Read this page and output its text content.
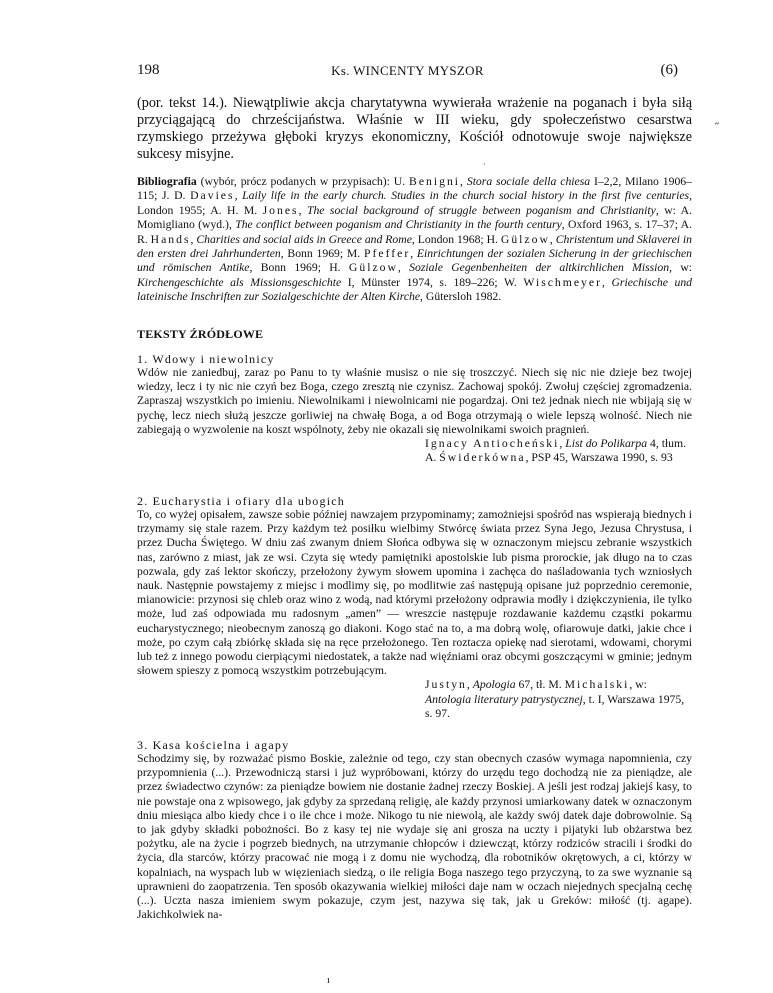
198	Ks. WINCENTY MYSZOR	(6)

(por. tekst 14.). Niewątpliwie akcja charytatywna wywierała wrażenie na poganach i była siłą przyciągającą do chrześcijaństwa. Właśnie w III wieku, gdy społeczeństwo cesarstwa rzymskiego przeżywa głęboki kryzys ekonomiczny, Kościół odnotowuje swoje największe sukcesy misyjne.

˝
·

Bibliografia (wybór, prócz podanych w przypisach): U. Benigni, Stora sociale della chiesa I–2,2, Milano 1906–115; J. D. Davies, Laily life in the early church. Studies in the church social history in the first five centuries, London 1955; A. H. M. Jones, The social background of struggle between poganism and Christianity, w: A. Momigliano (wyd.), The conflict between poganism and Christianity in the fourth century, Oxford 1963, s. 17–37; A. R. Hands, Charities and social aids in Greece and Rome, London 1968; H. Gülzow, Christentum und Sklaverei in den ersten drei Jahrhunderten, Bonn 1969; M. Pfeffer, Einrichtungen der sozialen Sicherung in der griechischen und römischen Antike, Bonn 1969; H. Gülzow, Soziale Gegenbenheiten der altkirchlichen Mission, w: Kirchengeschichte als Missionsgeschichte I, Münster 1974, s. 189–226; W. Wischmeyer, Griechische und lateinische Inschriften zur Sozialgeschichte der Alten Kirche, Gütersloh 1982.

TEKSTY ŹRÓDŁOWE

1. Wdowy i niewolnicy

Wdów nie zaniedbuj, zaraz po Panu to ty właśnie musisz o nie się troszczyć. Niech się nic nie dzieje bez twojej wiedzy, lecz i ty nic nie czyń bez Boga, czego zresztą nie czynisz. Zachowaj spokój. Zwołuj częściej zgromadzenia. Zapraszaj wszystkich po imieniu. Niewolnikami i niewolnicami nie pogardzaj. Oni też jednak niech nie wbijają się w pychę, lecz niech służą jeszcze gorliwiej na chwałę Boga, a od Boga otrzymają o wiele lepszą wolność. Niech nie zabiegają o wyzwolenie na koszt wspólnoty, żeby nie okazali się niewolnikami swoich pragnień.

Ignacy Antiocheński, List do Polikarpa 4, tłum. A. Świderkówna, PSP 45, Warszawa 1990, s. 93

2. Eucharystia i ofiary dla ubogich

To, co wyżej opisałem, zawsze sobie później nawzajem przypominamy; zamożniejsi spośród nas wspierają biednych i trzymamy się stale razem. Przy każdym też posiłku wielbimy Stwórcę świata przez Syna Jego, Jezusa Chrystusa, i przez Ducha Świętego. W dniu zaś zwanym dniem Słońca odbywa się w oznaczonym miejscu zebranie wszystkich nas, zarówno z miast, jak ze wsi. Czyta się wtedy pamiętniki apostolskie lub pisma prorockie, jak długo na to czas pozwala, gdy zaś lektor skończy, przełożony żywym słowem upomina i zachęca do naśladowania tych wzniosłych nauk. Następnie powstajemy z miejsc i modlimy się, po modlitwie zaś następują opisane już poprzednio ceremonie, mianowicie: przynosi się chleb oraz wino z wodą, nad którymi przełożony odprawia modły i dziękczynienia, ile tylko może, lud zaś odpowiada mu radosnym „amen” — wreszcie następuje rozdawanie każdemu cząstki pokarmu eucharystycznego; nieobecnym zanoszą go diakoni. Kogo stać na to, a ma dobrą wolę, ofiarowuje datki, jakie chce i może, po czym całą zbiórkę składa się na ręce przełożonego. Ten roztacza opiekę nad sierotami, wdowami, chorymi lub też z innego powodu cierpiącymi niedostatek, a także nad więźniami oraz obcymi goszczącymi w gminie; jednym słowem spieszy z pomocą wszystkim potrzebującym.

Justyn, Apologia 67, tł. M. Michalski, w: Antologia literatury patrystycznej, t. I, Warszawa 1975, s. 97.

3. Kasa kościelna i agapy

Schodzimy się, by rozważać pismo Boskie, zależnie od tego, czy stan obecnych czasów wymaga napomnienia, czy przypomnienia (...). Przewodniczą starsi i już wypróbowani, którzy do urzędu tego dochodzą nie za pieniądze, ale przez świadectwo czynów: za pieniądze bowiem nie dostanie żadnej rzeczy Boskiej. A jeśli jest rodzaj jakiejś kasy, to nie powstaje ona z wpisowego, jak gdyby za sprzedaną religię, ale każdy przynosi umiarkowany datek w oznaczonym dniu miesiąca albo kiedy chce i o ile chce i może. Nikogo tu nie niewolą, ale każdy swój datek daje dobrowolnie. Są to jak gdyby składki pobożności. Bo z kasy tej nie wydaje się ani grosza na uczty i pijatyki lub obżarstwa bez pożytku, ale na życie i pogrzeb biednych, na utrzymanie chłopców i dziewcząt, którzy rodziców stracili i środki do życia, dla starców, którzy pracować nie mogą i z domu nie wychodzą, dla robotników okrętowych, a ci, którzy w kopalniach, na wyspach lub w więzieniach siedzą, o ile religia Boga naszego tego przyczyną, to za swe wyznanie są uprawnieni do zaopatrzenia. Ten sposób okazywania wielkiej miłości daje nam w oczach niejednych specjalną cechę (...). Uczta nasza imieniem swym pokazuje, czym jest, nazywa się tak, jak u Greków: miłość (tj. agape). Jakichkolwiek na-

ı
